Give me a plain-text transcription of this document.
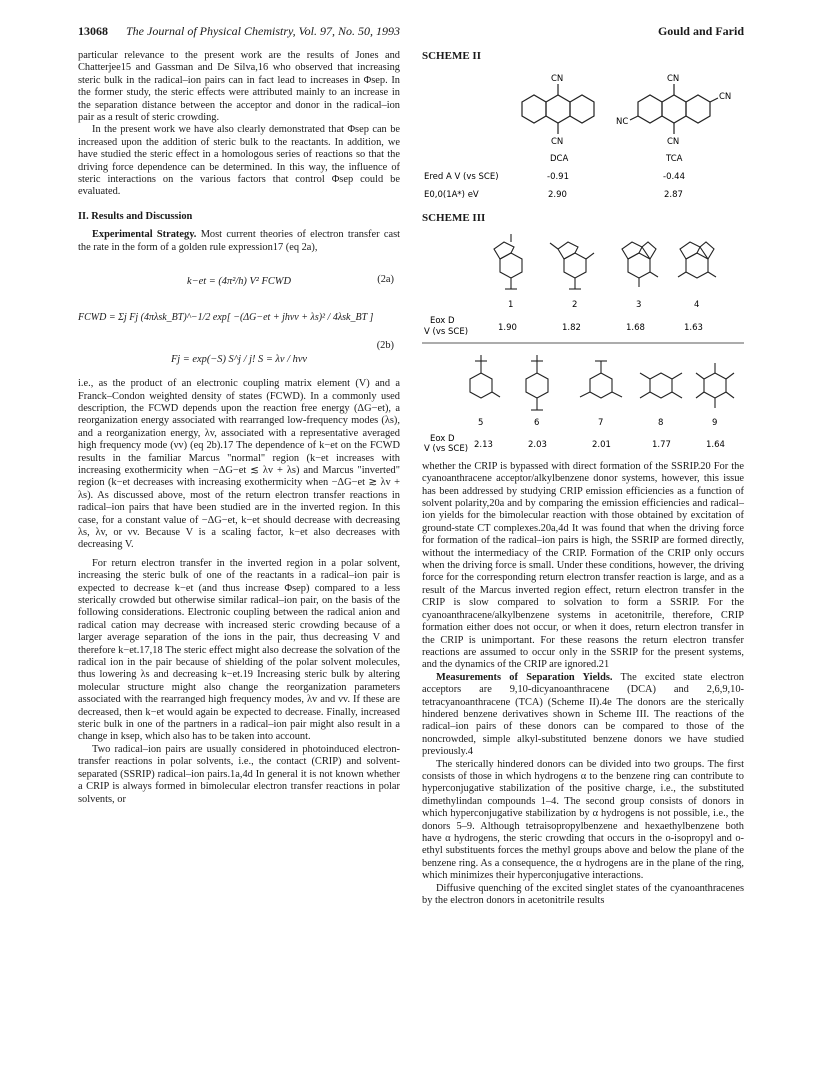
13068 The Journal of Physical Chemistry, Vol. 97, No. 50, 1993	Gould and Farid

particular relevance to the present work are the results of Jones and Chatterjee15 and Gassman and De Silva,16 who observed that increasing steric bulk in the radical–ion pairs can in fact lead to increases in Φsep. In the former study, the steric effects were attributed mainly to an increase in the separation distance between the acceptor and donor in the radical–ion pair as a result of steric crowding.

In the present work we have also clearly demonstrated that Φsep can be increased upon the addition of steric bulk to the reactants. In addition, we have studied the steric effect in a homologous series of reactions so that the driving force dependence can be determined. In this way, the influence of steric interactions on the various factors that control Φsep could be evaluated.

II. Results and Discussion

Experimental Strategy. Most current theories of electron transfer cast the rate in the form of a golden rule expression17 (eq 2a),

k−et = (4π²/h) V² FCWD	(2a)
FCWD = Σj Fj (4πλsk_BT)^−1/2 exp[ −(ΔG−et + jhνv + λs)² / 4λsk_BT ]
Fj = exp(−S) S^j / j! S = λv / hνv
(2b)

i.e., as the product of an electronic coupling matrix element (V) and a Franck–Condon weighted density of states (FCWD). In a commonly used description, the FCWD depends upon the reaction free energy (ΔG−et), a reorganization energy associated with rearranged low-frequency modes (λs), and a reorganization energy, λv, associated with a representative averaged high frequency mode (νv) (eq 2b).17 The dependence of k−et on the FCWD results in the familiar Marcus "normal" region (k−et increases with increasing exothermicity when −ΔG−et ≲ λv + λs) and Marcus "inverted" region (k−et decreases with increasing exothermicity when −ΔG−et ≳ λv + λs). As discussed above, most of the return electron transfer reactions in radical–ion pairs that have been studied are in the inverted region. In this case, for a constant value of −ΔG−et, k−et should decrease with decreasing λs, λv, or νv. Because V is a scaling factor, k−et also decreases with decreasing V.

For return electron transfer in the inverted region in a polar solvent, increasing the steric bulk of one of the reactants in a radical–ion pair is expected to decrease k−et (and thus increase Φsep) compared to a less sterically crowded but otherwise similar radical–ion pair, on the basis of the following considerations. Electronic coupling between the radical anion and radical cation may decrease with increased steric crowding because of a larger average separation of the ions in the pair, thus decreasing V and therefore k−et.17,18 The steric effect might also decrease the solvation of the radical ion in the pair because of shielding of the polar solvent molecules, thus lowering λs and decreasing k−et.19 Increasing steric bulk by altering molecular structure might also change the reorganization parameters associated with the rearranged high frequency modes, λv and νv. If these are decreased, then k−et would again be expected to decrease. Finally, increased steric bulk in one of the partners in a radical–ion pair might also result in a change in ksep, which also has to be taken into account.

Two radical–ion pairs are usually considered in photoinduced electron-transfer reactions in polar solvents, i.e., the contact (CRIP) and solvent-separated (SSRIP) radical–ion pairs.1a,4d In general it is not known whether a CRIP is always formed in bimolecular electron transfer reactions in polar solvents, or

SCHEME II
CN
CN
CN
CN
NC
CN
DCA	TCA
Ered A V (vs SCE)	-0.91	-0.44
E0,0(1A*) eV	2.90	2.87
SCHEME III
1	2	3	4
Eox D
V (vs SCE)	1.90	1.82	1.68	1.63
5	6	7	8	9
Eox D
V (vs SCE) 2.13	2.03	2.01	1.77	1.64

whether the CRIP is bypassed with direct formation of the SSRIP.20 For the cyanoanthracene acceptor/alkylbenzene donor systems, however, this issue has been addressed by studying CRIP emission efficiencies as a function of solvent polarity,20a and by comparing the emission efficiencies and radical–ion yields for the bimolecular reaction with those obtained by excitation of ground-state CT complexes.20a,4d It was found that when the driving force for formation of the radical–ion pairs is high, the SSRIP are formed directly, without the intermediacy of the CRIP. Formation of the CRIP only occurs when the driving force is small. Under these conditions, however, the driving force for the corresponding return electron transfer reaction is large, and as a result of the Marcus inverted region effect, return electron transfer in the CRIP is slow compared to solvation to form a SSRIP. For the cyanoanthracene/alkylbenzene systems in acetonitrile, therefore, CRIP formation either does not occur, or when it does, return electron transfer in the CRIP is unimportant. For these reasons the return electron transfer reactions are assumed to occur only in the SSRIP for the present systems, and the dynamics of the CRIP are ignored.21

Measurements of Separation Yields. The excited state electron acceptors are 9,10-dicyanoanthracene (DCA) and 2,6,9,10-tetracyanoanthracene (TCA) (Scheme II).4e The donors are the sterically hindered benzene derivatives shown in Scheme III. The reactions of the radical–ion pairs of these donors can be compared to those of the noncrowded, simple alkyl-substituted benzene donors we have studied previously.4

The sterically hindered donors can be divided into two groups. The first consists of those in which hydrogens α to the benzene ring can contribute to hyperconjugative stabilization of the positive charge, i.e., the substituted dimethylindan compounds 1–4. The second group consists of donors in which hyperconjugative stabilization by α hydrogens is not possible, i.e., the donors 5–9. Although tetraisopropylbenzene and hexaethylbenzene both have α hydrogens, the steric crowding that occurs in the o-isopropyl and o-ethyl substituents forces the methyl groups above and below the plane of the benzene ring. As a consequence, the α hydrogens are in the plane of the ring, which minimizes their hyperconjugative interactions.

Diffusive quenching of the excited singlet states of the cyanoanthracenes by the electron donors in acetonitrile results
